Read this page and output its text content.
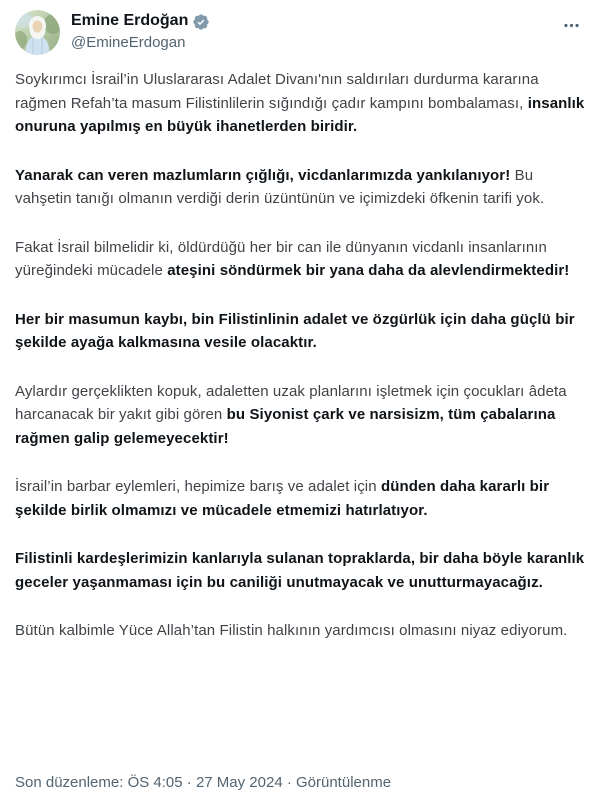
Emine Erdoğan
@EmineErdogan

Soykırımcı İsrail’in Uluslararası Adalet Divanı'nın saldırıları durdurma kararına rağmen Refah’ta masum Filistinlilerin sığındığı çadır kampını bombalaması, insanlık onuruna yapılmış en büyük ihanetlerden biridir.

Yanarak can veren mazlumların çığlığı, vicdanlarımızda yankılanıyor! Bu vahşetin tanığı olmanın verdiği derin üzüntünün ve içimizdeki öfkenin tarifi yok.

Fakat İsrail bilmelidir ki, öldürdüğü her bir can ile dünyanın vicdanlı insanlarının yüreğindeki mücadele ateşini söndürmek bir yana daha da alevlendirmektedir!

Her bir masumun kaybı, bin Filistinlinin adalet ve özgürlük için daha güçlü bir şekilde ayağa kalkmasına vesile olacaktır.

Aylardır gerçeklikten kopuk, adaletten uzak planlarını işletmek için çocukları âdeta harcanacak bir yakıt gibi gören bu Siyonist çark ve narsisizm, tüm çabalarına rağmen galip gelemeyecektir!

İsrail’in barbar eylemleri, hepimize barış ve adalet için dünden daha kararlı bir şekilde birlik olmamızı ve mücadele etmemizi hatırlatıyor.

Filistinli kardeşlerimizin kanlarıyla sulanan topraklarda, bir daha böyle karanlık geceler yaşanmaması için bu caniliği unutmayacak ve unutturmayacağız.

Bütün kalbimle Yüce Allah’tan Filistin halkının yardımcısı olmasını niyaz ediyorum.

Son düzenleme: ÖS 4:05 · 27 May 2024 · Görüntülenme
